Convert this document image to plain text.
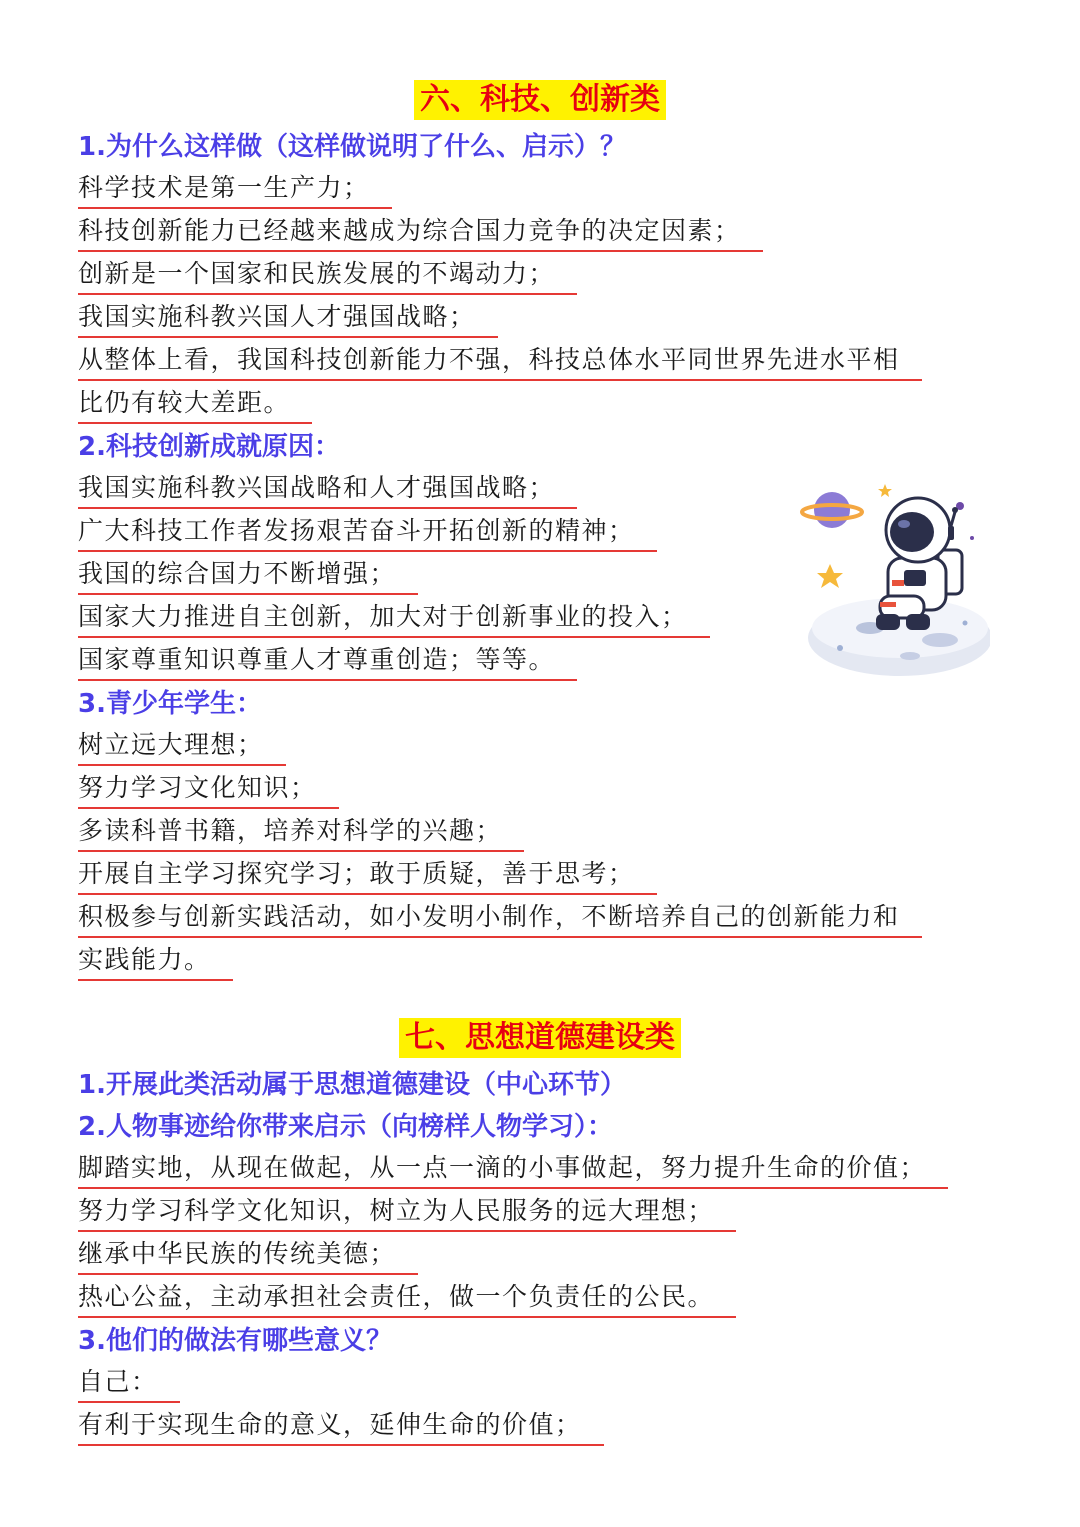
六、科技、创新类
1.为什么这样做（这样做说明了什么、启示）？
科学技术是第一生产力；
科技创新能力已经越来越成为综合国力竞争的决定因素；
创新是一个国家和民族发展的不竭动力；
我国实施科教兴国人才强国战略；
从整体上看，我国科技创新能力不强，科技总体水平同世界先进水平相
比仍有较大差距。
2.科技创新成就原因：
我国实施科教兴国战略和人才强国战略；
广大科技工作者发扬艰苦奋斗开拓创新的精神；
我国的综合国力不断增强；
国家大力推进自主创新，加大对于创新事业的投入；
国家尊重知识尊重人才尊重创造；等等。
3.青少年学生：
树立远大理想；
努力学习文化知识；
多读科普书籍，培养对科学的兴趣；
开展自主学习探究学习；敢于质疑，善于思考；
积极参与创新实践活动，如小发明小制作，不断培养自己的创新能力和
实践能力。
七、思想道德建设类
1.开展此类活动属于思想道德建设（中心环节）
2.人物事迹给你带来启示（向榜样人物学习）：
脚踏实地，从现在做起，从一点一滴的小事做起，努力提升生命的价值；
努力学习科学文化知识，树立为人民服务的远大理想；
继承中华民族的传统美德；
热心公益，主动承担社会责任，做一个负责任的公民。
3.他们的做法有哪些意义？
自己：
有利于实现生命的意义，延伸生命的价值；
